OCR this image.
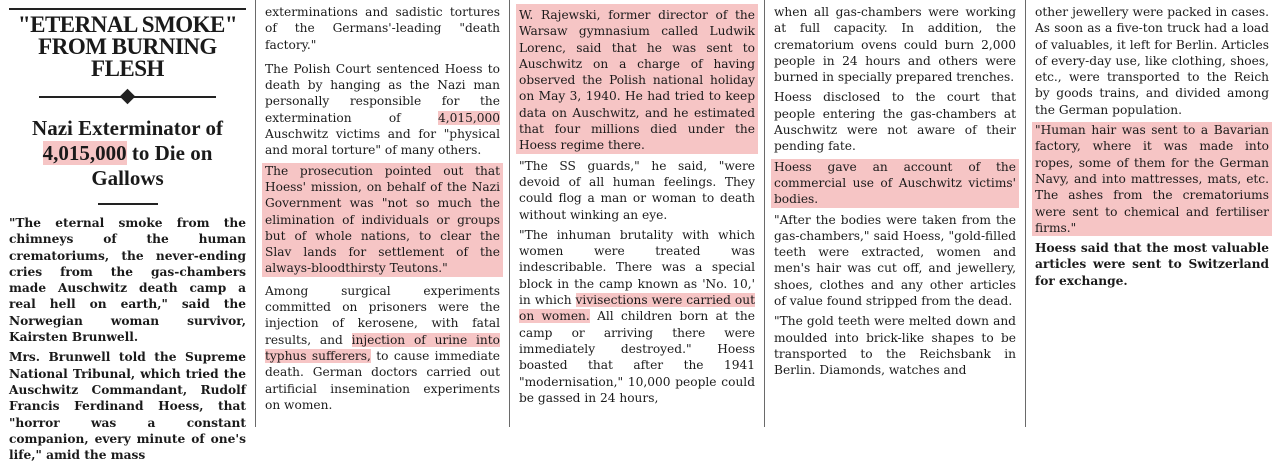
"ETERNAL SMOKE" FROM BURNING FLESH
Nazi Exterminator of
4,015,000 to Die on Gallows

"The eternal smoke from the chimneys of the human crematoriums, the never-ending cries from the gas-chambers made Auschwitz death camp a real hell on earth," said the Norwegian woman survivor, Kairsten Brunwell.

Mrs. Brunwell told the Supreme National Tribunal, which tried the Auschwitz Commandant, Rudolf Francis Ferdinand Hoess, that "horror was a constant companion, every minute of one's life," amid the mass

exterminations and sadistic tortures of the Germans'-leading "death factory."

The Polish Court sentenced Hoess to death by hanging as the Nazi man personally responsible for the extermination of 4,015,000 Auschwitz victims and for "physical and moral torture" of many others.

The prosecution pointed out that Hoess' mission, on behalf of the Nazi Government was "not so much the elimination of individuals or groups but of whole nations, to clear the Slav lands for settlement of the always-bloodthirsty Teutons."

Among surgical experiments committed on prisoners were the injection of kerosene, with fatal results, and injection of urine into typhus sufferers, to cause immediate death. German doctors carried out artificial insemination experiments on women.

W. Rajewski, former director of the Warsaw gymnasium called Ludwik Lorenc, said that he was sent to Auschwitz on a charge of having observed the Polish national holiday on May 3, 1940. He had tried to keep data on Auschwitz, and he estimated that four millions died under the Hoess regime there.

"The SS guards," he said, "were devoid of all human feelings. They could flog a man or woman to death without winking an eye.

"The inhuman brutality with which women were treated was indescribable. There was a special block in the camp known as 'No. 10,' in which vivisections were carried out on women. All children born at the camp or arriving there were immediately destroyed." Hoess boasted that after the 1941 "modernisation," 10,000 people could be gassed in 24 hours,

when all gas-chambers were working at full capacity. In addition, the crematorium ovens could burn 2,000 people in 24 hours and others were burned in specially prepared trenches.

Hoess disclosed to the court that people entering the gas-chambers at Auschwitz were not aware of their pending fate.

Hoess gave an account of the commercial use of Auschwitz victims' bodies.

"After the bodies were taken from the gas-chambers," said Hoess, "gold-filled teeth were extracted, women and men's hair was cut off, and jewellery, shoes, clothes and any other articles of value found stripped from the dead.

"The gold teeth were melted down and moulded into brick-like shapes to be transported to the Reichsbank in Berlin. Diamonds, watches and

other jewellery were packed in cases. As soon as a five-ton truck had a load of valuables, it left for Berlin. Articles of every-day use, like clothing, shoes, etc., were transported to the Reich by goods trains, and divided among the German population.

"Human hair was sent to a Bavarian factory, where it was made into ropes, some of them for the German Navy, and into mattresses, mats, etc. The ashes from the crematoriums were sent to chemical and fertiliser firms."

Hoess said that the most valuable articles were sent to Switzerland for exchange.
